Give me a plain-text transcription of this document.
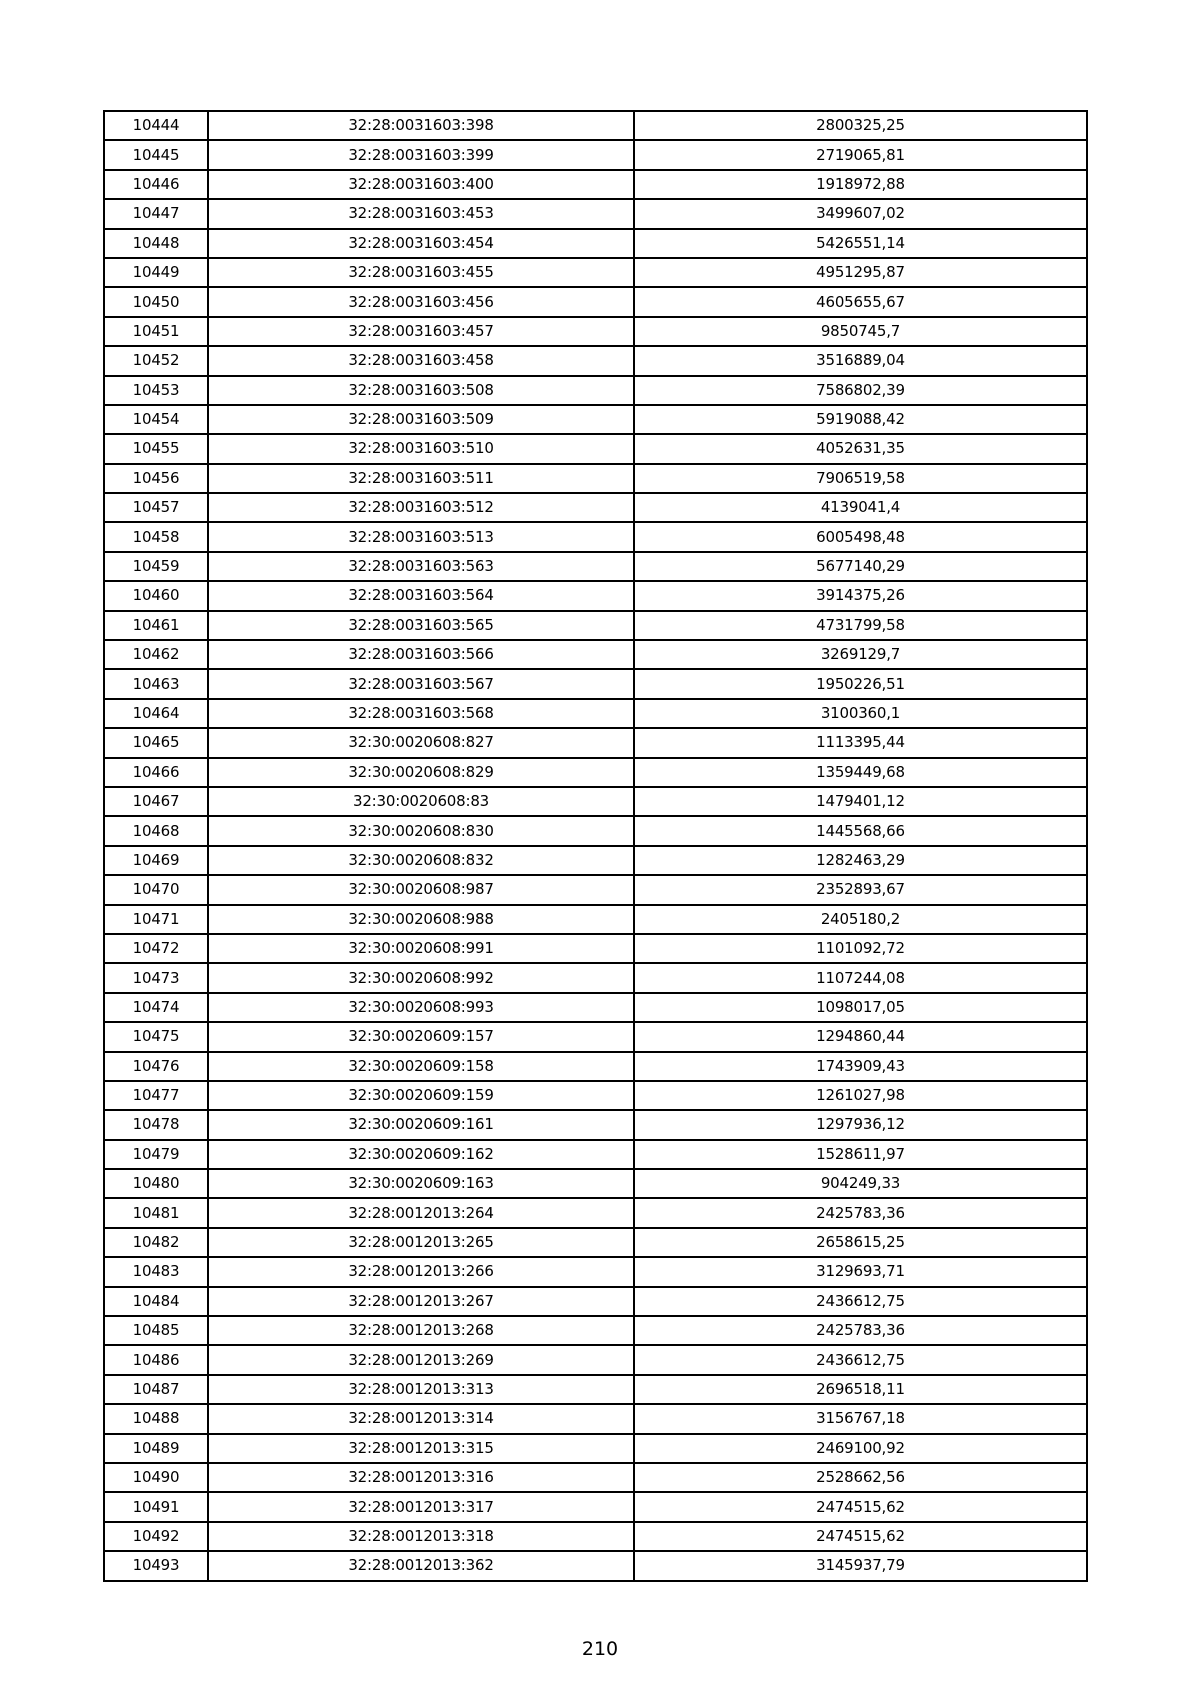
10444	32:28:0031603:398	2800325,25
10445	32:28:0031603:399	2719065,81
10446	32:28:0031603:400	1918972,88
10447	32:28:0031603:453	3499607,02
10448	32:28:0031603:454	5426551,14
10449	32:28:0031603:455	4951295,87
10450	32:28:0031603:456	4605655,67
10451	32:28:0031603:457	9850745,7
10452	32:28:0031603:458	3516889,04
10453	32:28:0031603:508	7586802,39
10454	32:28:0031603:509	5919088,42
10455	32:28:0031603:510	4052631,35
10456	32:28:0031603:511	7906519,58
10457	32:28:0031603:512	4139041,4
10458	32:28:0031603:513	6005498,48
10459	32:28:0031603:563	5677140,29
10460	32:28:0031603:564	3914375,26
10461	32:28:0031603:565	4731799,58
10462	32:28:0031603:566	3269129,7
10463	32:28:0031603:567	1950226,51
10464	32:28:0031603:568	3100360,1
10465	32:30:0020608:827	1113395,44
10466	32:30:0020608:829	1359449,68
10467	32:30:0020608:83	1479401,12
10468	32:30:0020608:830	1445568,66
10469	32:30:0020608:832	1282463,29
10470	32:30:0020608:987	2352893,67
10471	32:30:0020608:988	2405180,2
10472	32:30:0020608:991	1101092,72
10473	32:30:0020608:992	1107244,08
10474	32:30:0020608:993	1098017,05
10475	32:30:0020609:157	1294860,44
10476	32:30:0020609:158	1743909,43
10477	32:30:0020609:159	1261027,98
10478	32:30:0020609:161	1297936,12
10479	32:30:0020609:162	1528611,97
10480	32:30:0020609:163	904249,33
10481	32:28:0012013:264	2425783,36
10482	32:28:0012013:265	2658615,25
10483	32:28:0012013:266	3129693,71
10484	32:28:0012013:267	2436612,75
10485	32:28:0012013:268	2425783,36
10486	32:28:0012013:269	2436612,75
10487	32:28:0012013:313	2696518,11
10488	32:28:0012013:314	3156767,18
10489	32:28:0012013:315	2469100,92
10490	32:28:0012013:316	2528662,56
10491	32:28:0012013:317	2474515,62
10492	32:28:0012013:318	2474515,62
10493	32:28:0012013:362	3145937,79
210
